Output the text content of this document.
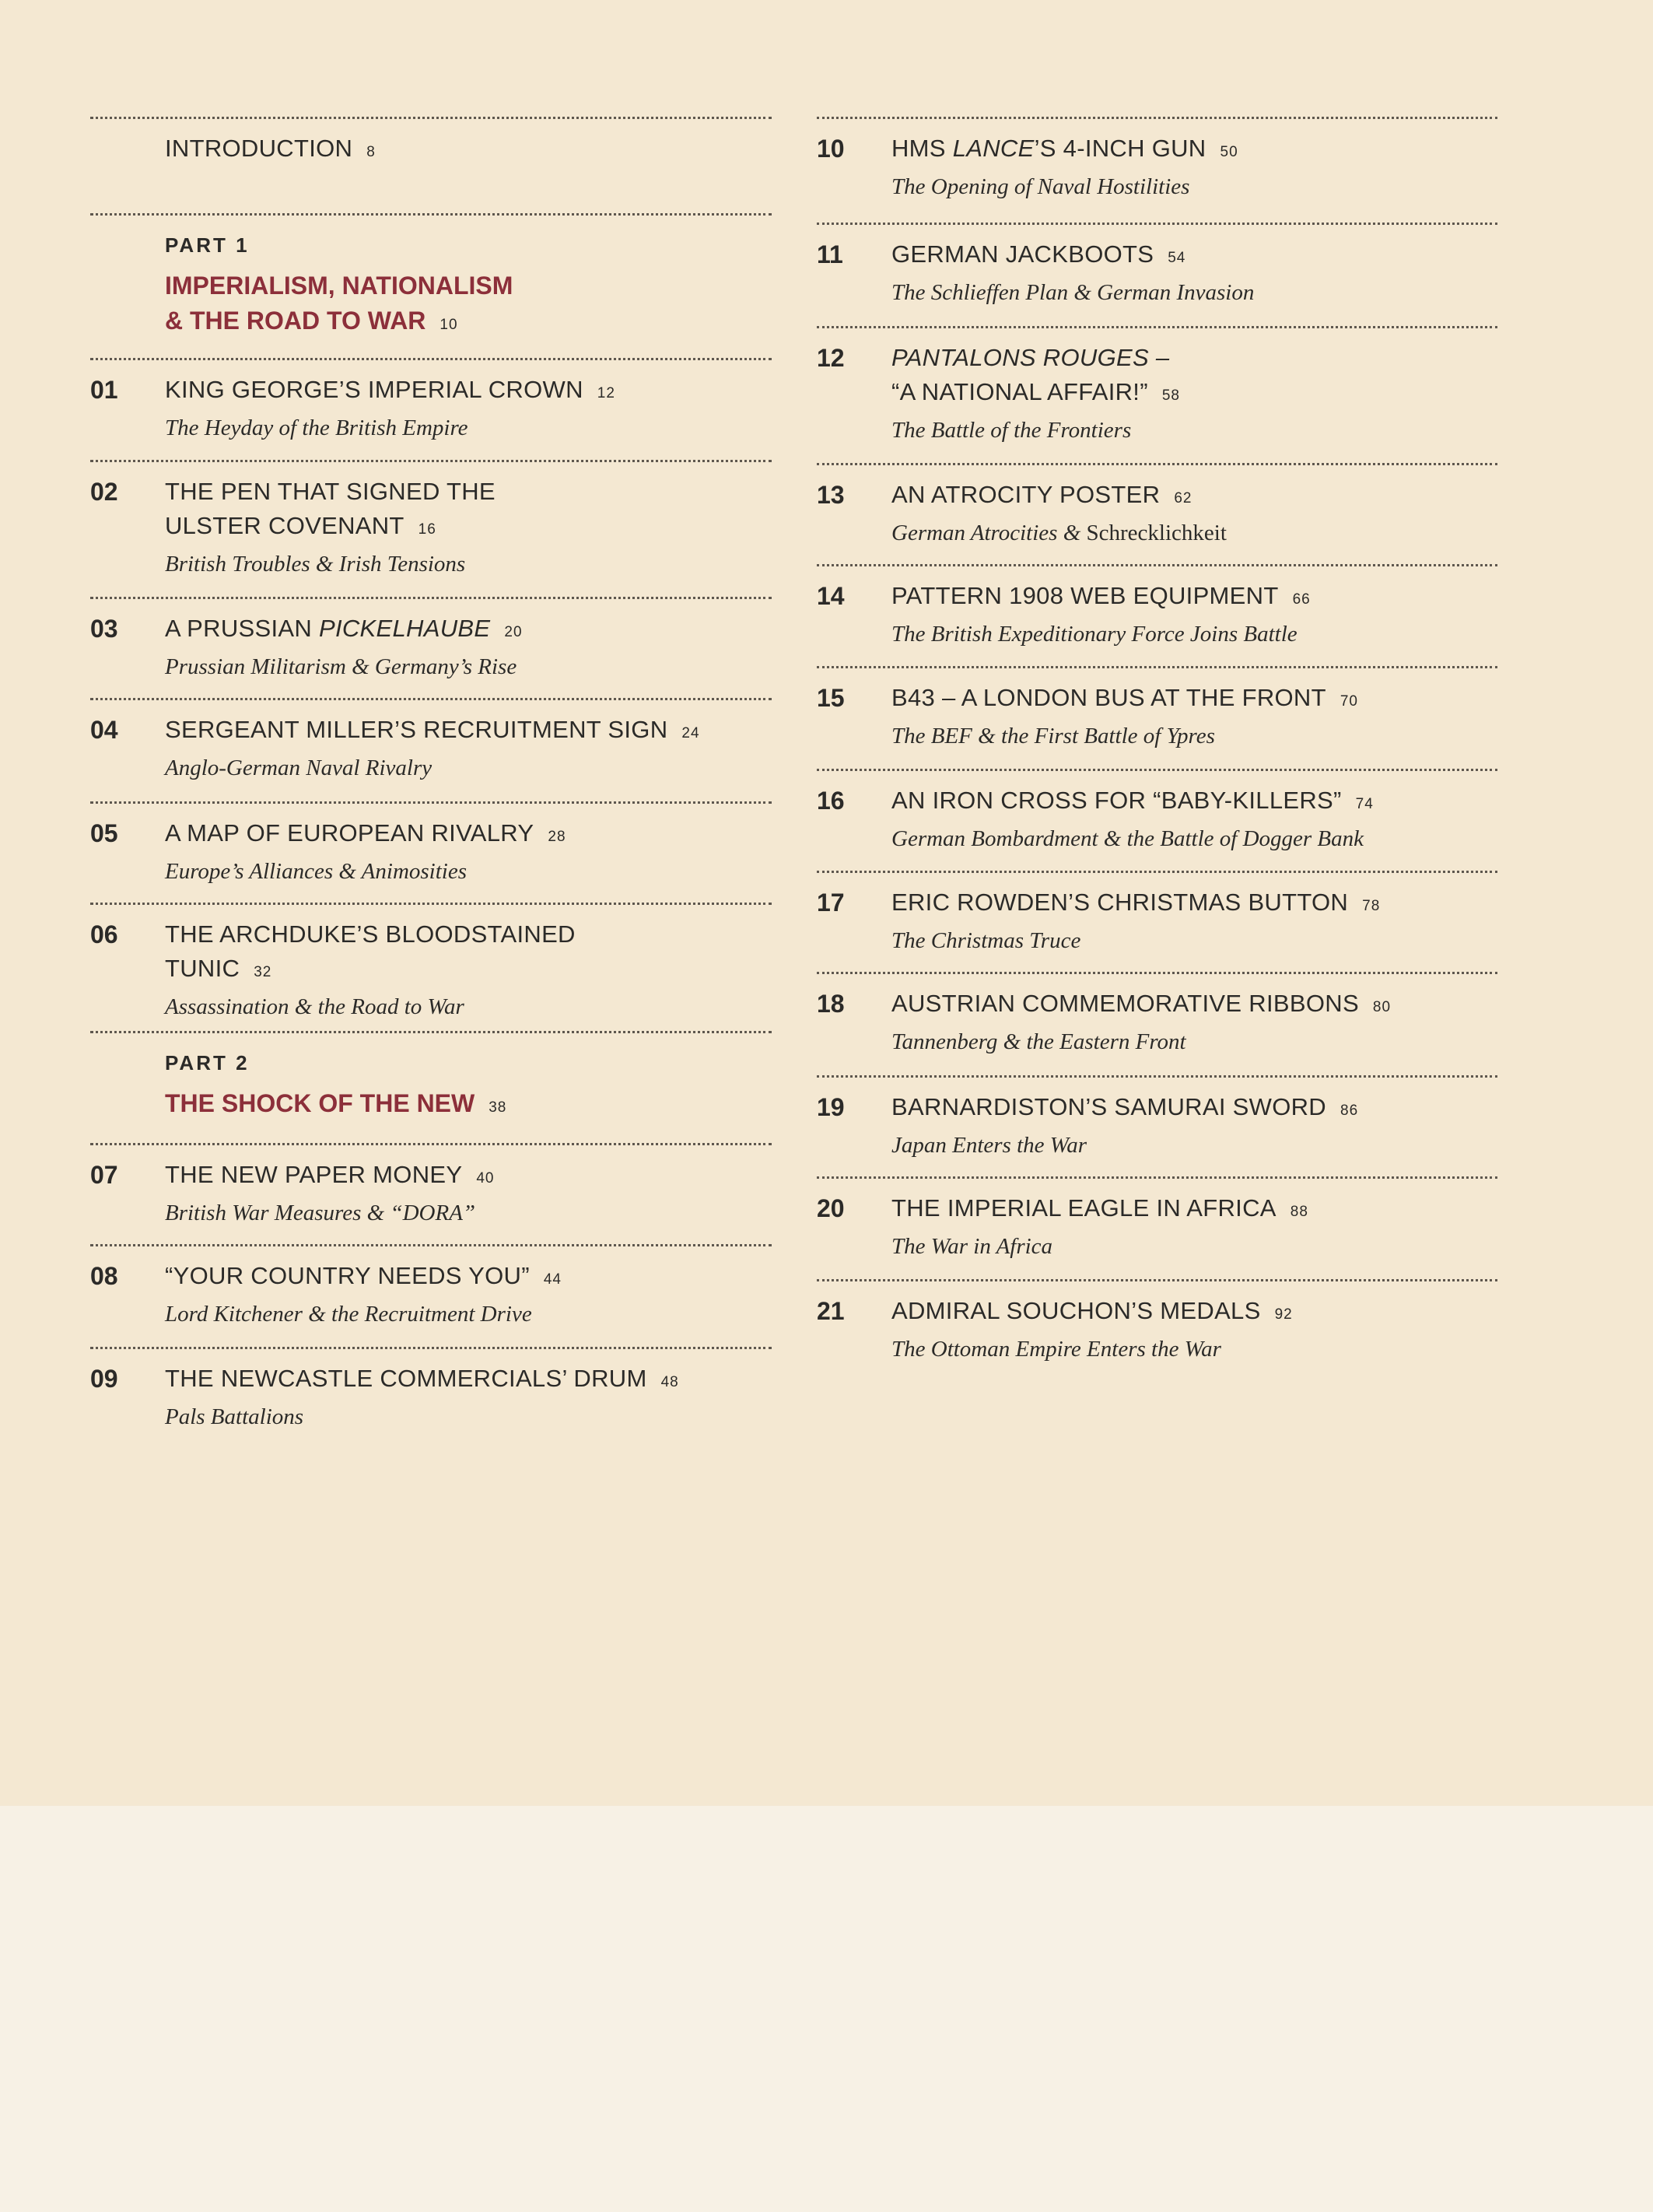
INTRODUCTION 8
PART 1
IMPERIALISM, NATIONALISM
& THE ROAD TO WAR 10
01	KING GEORGE’S IMPERIAL CROWN 12
The Heyday of the British Empire
02	THE PEN THAT SIGNED THE
ULSTER COVENANT 16
British Troubles & Irish Tensions
03	A PRUSSIAN PICKELHAUBE 20
Prussian Militarism & Germany’s Rise
04	SERGEANT MILLER’S RECRUITMENT SIGN 24
Anglo-German Naval Rivalry
05	A MAP OF EUROPEAN RIVALRY 28
Europe’s Alliances & Animosities
06	THE ARCHDUKE’S BLOODSTAINED
TUNIC 32
Assassination & the Road to War
PART 2
THE SHOCK OF THE NEW 38
07	THE NEW PAPER MONEY 40
British War Measures & “DORA”
08	“YOUR COUNTRY NEEDS YOU” 44
Lord Kitchener & the Recruitment Drive
09	THE NEWCASTLE COMMERCIALS’ DRUM 48
Pals Battalions
10	HMS LANCE’S 4-INCH GUN 50
The Opening of Naval Hostilities
11	GERMAN JACKBOOTS 54
The Schlieffen Plan & German Invasion
12	PANTALONS ROUGES –
“A NATIONAL AFFAIR!” 58
The Battle of the Frontiers
13	AN ATROCITY POSTER 62
German Atrocities & Schrecklichkeit
14	PATTERN 1908 WEB EQUIPMENT 66
The British Expeditionary Force Joins Battle
15	B43 – A LONDON BUS AT THE FRONT 70
The BEF & the First Battle of Ypres
16	AN IRON CROSS FOR “BABY-KILLERS” 74
German Bombardment & the Battle of Dogger Bank
17	ERIC ROWDEN’S CHRISTMAS BUTTON 78
The Christmas Truce
18	AUSTRIAN COMMEMORATIVE RIBBONS 80
Tannenberg & the Eastern Front
19	BARNARDISTON’S SAMURAI SWORD 86
Japan Enters the War
20	THE IMPERIAL EAGLE IN AFRICA 88
The War in Africa
21	ADMIRAL SOUCHON’S MEDALS 92
The Ottoman Empire Enters the War
